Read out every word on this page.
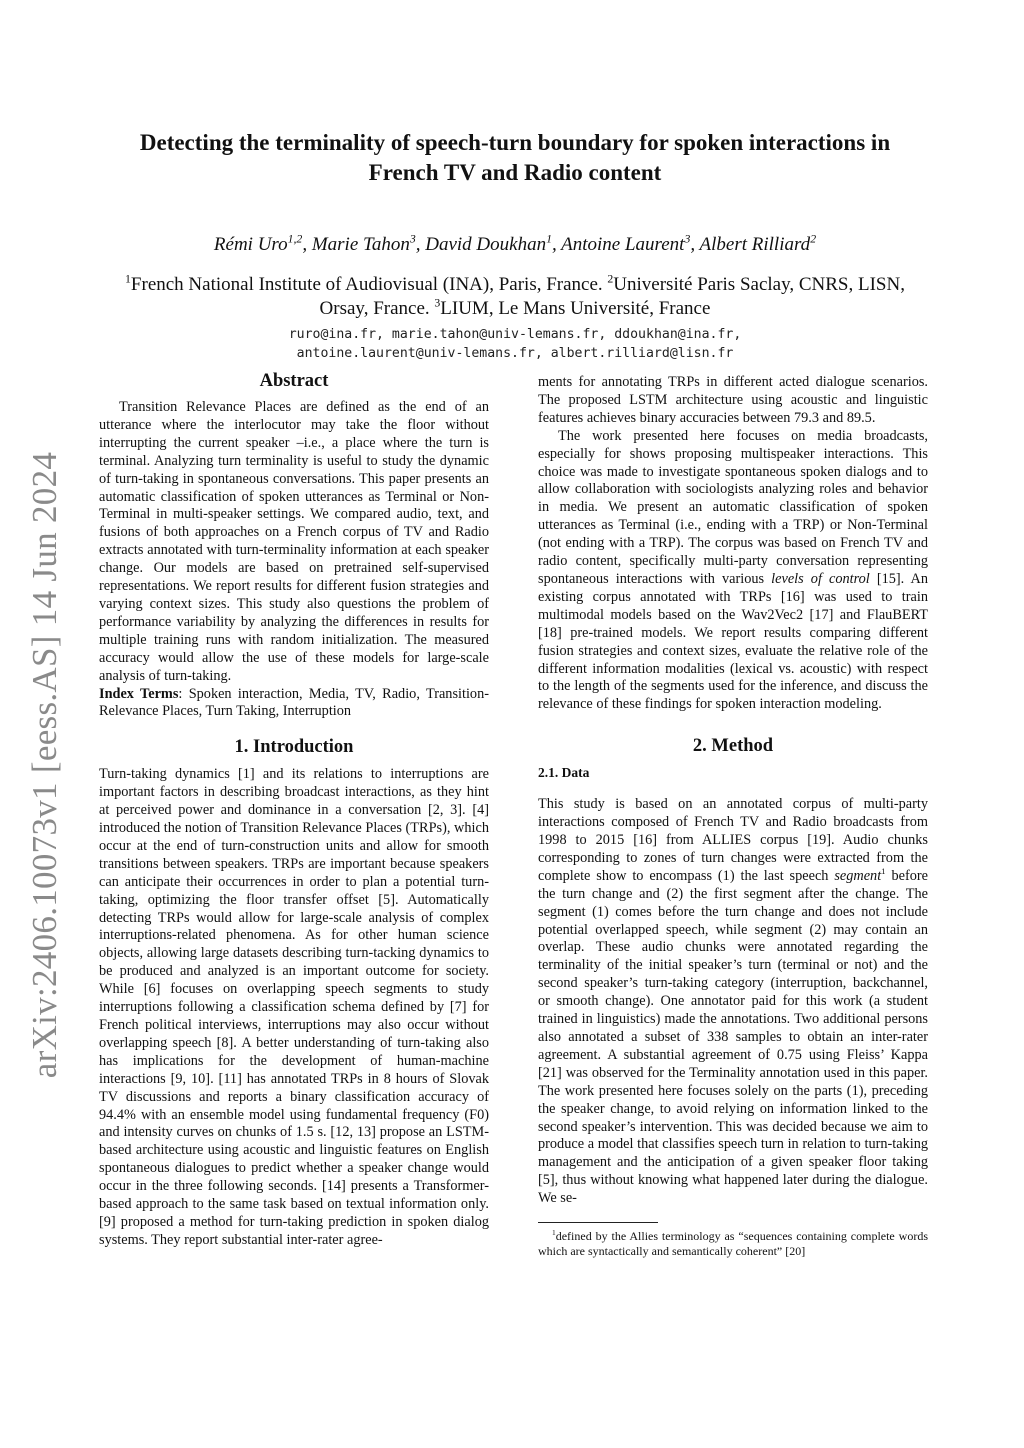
arXiv:2406.10073v1 [eess.AS] 14 Jun 2024
Detecting the terminality of speech-turn boundary for spoken interactions in
French TV and Radio content
Rémi Uro$^{1,2}$, Marie Tahon$^3$, David Doukhan$^1$, Antoine Laurent$^3$, Albert Rilliard$^2$
$^1$French National Institute of Audiovisual (INA), Paris, France. $^2$Université Paris Saclay, CNRS, LISN, Orsay, France. $^3$LIUM, Le Mans Université, France
ruro@ina.fr, marie.tahon@univ-lemans.fr, ddoukhan@ina.fr,
antoine.laurent@univ-lemans.fr, albert.rilliard@lisn.fr

Abstract

Transition Relevance Places are defined as the end of an utterance where the interlocutor may take the floor without interrupting the current speaker –i.e., a place where the turn is terminal. Analyzing turn terminality is useful to study the dynamic of turn-taking in spontaneous conversations. This paper presents an automatic classification of spoken utterances as Terminal or Non-Terminal in multi-speaker settings. We compared audio, text, and fusions of both approaches on a French corpus of TV and Radio extracts annotated with turn-terminality information at each speaker change. Our models are based on pretrained self-supervised representations. We report results for different fusion strategies and varying context sizes. This study also questions the problem of performance variability by analyzing the differences in results for multiple training runs with random initialization. The measured accuracy would allow the use of these models for large-scale analysis of turn-taking.

Index Terms: Spoken interaction, Media, TV, Radio, Transition-Relevance Places, Turn Taking, Interruption

1. Introduction

Turn-taking dynamics [1] and its relations to interruptions are important factors in describing broadcast interactions, as they hint at perceived power and dominance in a conversation [2, 3]. [4] introduced the notion of Transition Relevance Places (TRPs), which occur at the end of turn-construction units and allow for smooth transitions between speakers. TRPs are important because speakers can anticipate their occurrences in order to plan a potential turn-taking, optimizing the floor transfer offset [5]. Automatically detecting TRPs would allow for large-scale analysis of complex interruptions-related phenomena. As for other human science objects, allowing large datasets describing turn-tacking dynamics to be produced and analyzed is an important outcome for society. While [6] focuses on overlapping speech segments to study interruptions following a classification schema defined by [7] for French political interviews, interruptions may also occur without overlapping speech [8]. A better understanding of turn-taking also has implications for the development of human-machine interactions [9, 10]. [11] has annotated TRPs in 8 hours of Slovak TV discussions and reports a binary classification accuracy of 94.4% with an ensemble model using fundamental frequency (F0) and intensity curves on chunks of 1.5 s. [12, 13] propose an LSTM-based architecture using acoustic and linguistic features on English spontaneous dialogues to predict whether a speaker change would occur in the three following seconds. [14] presents a Transformer-based approach to the same task based on textual information only. [9] proposed a method for turn-taking prediction in spoken dialog systems. They report substantial inter-rater agree-

ments for annotating TRPs in different acted dialogue scenarios. The proposed LSTM architecture using acoustic and linguistic features achieves binary accuracies between 79.3 and 89.5.

The work presented here focuses on media broadcasts, especially for shows proposing multispeaker interactions. This choice was made to investigate spontaneous spoken dialogs and to allow collaboration with sociologists analyzing roles and behavior in media. We present an automatic classification of spoken utterances as Terminal (i.e., ending with a TRP) or Non-Terminal (not ending with a TRP). The corpus was based on French TV and radio content, specifically multi-party conversation representing spontaneous interactions with various levels of control [15]. An existing corpus annotated with TRPs [16] was used to train multimodal models based on the Wav2Vec2 [17] and FlauBERT [18] pre-trained models. We report results comparing different fusion strategies and context sizes, evaluate the relative role of the different information modalities (lexical vs. acoustic) with respect to the length of the segments used for the inference, and discuss the relevance of these findings for spoken interaction modeling.

2. Method

2.1. Data

This study is based on an annotated corpus of multi-party interactions composed of French TV and Radio broadcasts from 1998 to 2015 [16] from ALLIES corpus [19]. Audio chunks corresponding to zones of turn changes were extracted from the complete show to encompass (1) the last speech segment$^1$ before the turn change and (2) the first segment after the change. The segment (1) comes before the turn change and does not include potential overlapped speech, while segment (2) may contain an overlap. These audio chunks were annotated regarding the terminality of the initial speaker’s turn (terminal or not) and the second speaker’s turn-taking category (interruption, backchannel, or smooth change). One annotator paid for this work (a student trained in linguistics) made the annotations. Two additional persons also annotated a subset of 338 samples to obtain an inter-rater agreement. A substantial agreement of 0.75 using Fleiss’ Kappa [21] was observed for the Terminality annotation used in this paper. The work presented here focuses solely on the parts (1), preceding the speaker change, to avoid relying on information linked to the second speaker’s intervention. This was decided because we aim to produce a model that classifies speech turn in relation to turn-taking management and the anticipation of a given speaker floor taking [5], thus without knowing what happened later during the dialogue. We se-

$^1$defined by the Allies terminology as “sequences containing complete words which are syntactically and semantically coherent” [20]
